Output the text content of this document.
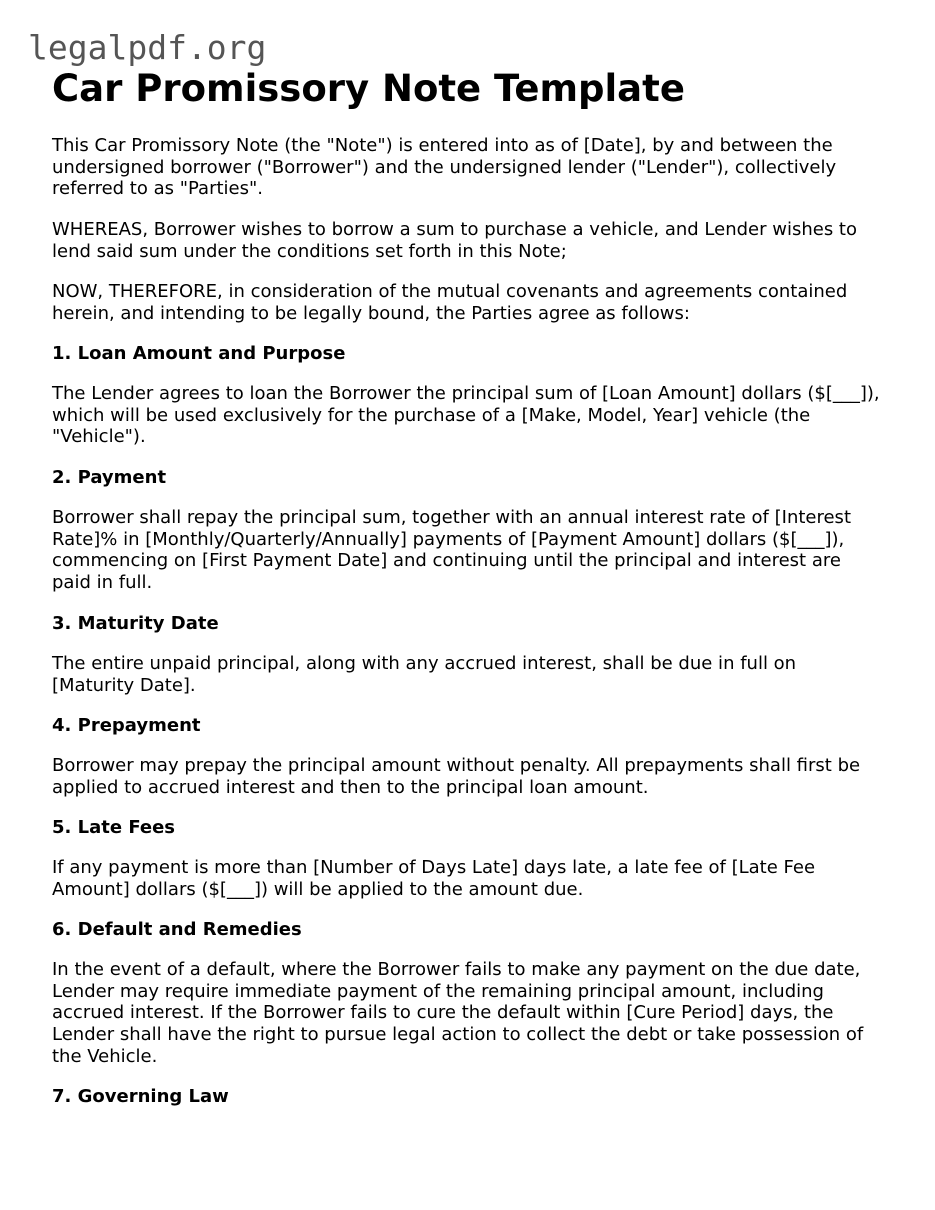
legalpdf.org
Car Promissory Note Template

This Car Promissory Note (the "Note") is entered into as of [Date], by and between the undersigned borrower ("Borrower") and the undersigned lender ("Lender"), collectively referred to as "Parties".

WHEREAS, Borrower wishes to borrow a sum to purchase a vehicle, and Lender wishes to lend said sum under the conditions set forth in this Note;

NOW, THEREFORE, in consideration of the mutual covenants and agreements contained herein, and intending to be legally bound, the Parties agree as follows:

1. Loan Amount and Purpose

The Lender agrees to loan the Borrower the principal sum of [Loan Amount] dollars ($[___]), which will be used exclusively for the purchase of a [Make, Model, Year] vehicle (the "Vehicle").

2. Payment

Borrower shall repay the principal sum, together with an annual interest rate of [Interest Rate]% in [Monthly/Quarterly/Annually] payments of [Payment Amount] dollars ($[___]), commencing on [First Payment Date] and continuing until the principal and interest are paid in full.

3. Maturity Date

The entire unpaid principal, along with any accrued interest, shall be due in full on [Maturity Date].

4. Prepayment

Borrower may prepay the principal amount without penalty. All prepayments shall first be applied to accrued interest and then to the principal loan amount.

5. Late Fees

If any payment is more than [Number of Days Late] days late, a late fee of [Late Fee Amount] dollars ($[___]) will be applied to the amount due.

6. Default and Remedies

In the event of a default, where the Borrower fails to make any payment on the due date, Lender may require immediate payment of the remaining principal amount, including accrued interest. If the Borrower fails to cure the default within [Cure Period] days, the Lender shall have the right to pursue legal action to collect the debt or take possession of the Vehicle.

7. Governing Law
